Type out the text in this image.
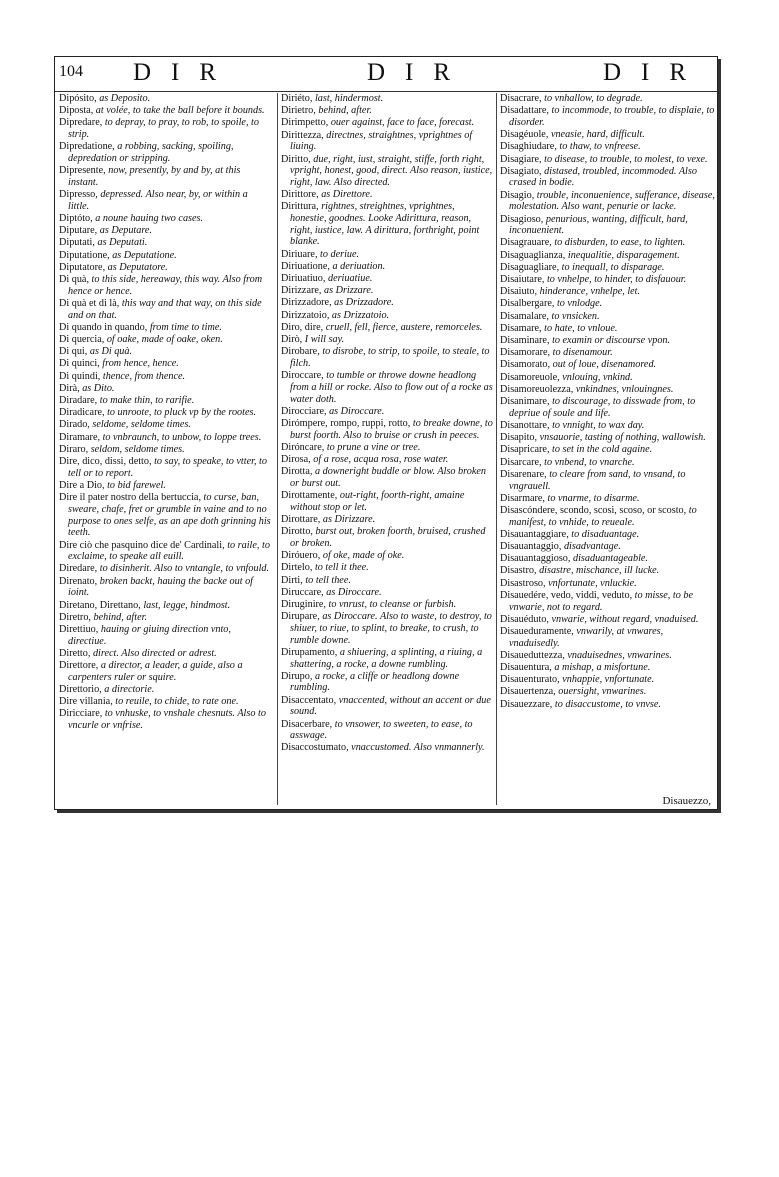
104 DIR	DIR	DIR
Dipósito, as Deposito.
Diposta, at volée, to take the ball before it bounds.
Dipredare, to depray, to pray, to rob, to spoile, to strip.
Dipredatione, a robbing, sacking, spoiling, depredation or stripping.
Dipresente, now, presently, by and by, at this instant.
Dipresso, depressed. Also near, by, or within a little.
Diptóto, a noune hauing two cases.
Diputare, as Deputare.
Diputati, as Deputati.
Diputatione, as Deputatione.
Diputatore, as Deputatore.
Di quà, to this side, hereaway, this way. Also from hence or hence.
Di quà et di là, this way and that way, on this side and on that.
Di quando in quando, from time to time.
Di quercia, of oake, made of oake, oken.
Di qui, as Di quà.
Di quinci, from hence, hence.
Di quindi, thence, from thence.
Dirà, as Dito.
Diradare, to make thin, to rarifie.
Diradicare, to unroote, to pluck vp by the rootes.
Dirado, seldome, seldome times.
Diramare, to vnbraunch, to unbow, to loppe trees.
Diraro, seldom, seldome times.
Dire, dico, dissi, detto, to say, to speake, to vtter, to tell or to report.
Dire a Dio, to bid farewel.
Dire il pater nostro della bertuccia, to curse, ban, sweare, chafe, fret or grumble in vaine and to no purpose to ones selfe, as an ape doth grinning his teeth.
Dire ciò che pasquino dice de' Cardinali, to raile, to exclaime, to speake all euill.
Diredare, to disinherit. Also to vntangle, to vnfould.
Direnato, broken backt, hauing the backe out of ioint.
Diretano, Direttano, last, legge, hindmost.
Diretro, behind, after.
Direttiuo, hauing or giuing direction vnto, directiue.
Diretto, direct. Also directed or adrest.
Direttore, a director, a leader, a guide, also a carpenters ruler or squire.
Direttorio, a directorie.
Dire villania, to reuile, to chide, to rate one.
Diricciare, to vnhuske, to vnshale chesnuts. Also to vncurle or vnfrise.
Diriéto, last, hindermost.
Dirietro, behind, after.
Dirimpetto, ouer against, face to face, forecast.
Dirittezza, directnes, straightnes, vprightnes of liuing.
Diritto, due, right, iust, straight, stiffe, forth right, vpright, honest, good, direct. Also reason, iustice, right, law. Also directed.
Dirittore, as Direttore.
Dirittura, rightnes, streightnes, vprightnes, honestie, goodnes. Looke Adirittura, reason, right, iustice, law. A dirittura, forthright, point blanke.
Diriuare, to deriue.
Diriuatione, a deriuation.
Diriuatiuo, deriuatiue.
Dirizzare, as Drizzare.
Dirizzadore, as Drizzadore.
Dirizzatoio, as Drizzatoio.
Diro, dire, cruell, fell, fierce, austere, remorceles.
Dirò, I will say.
Dirobare, to disrobe, to strip, to spoile, to steale, to filch.
Diroccare, to tumble or throwe downe headlong from a hill or rocke. Also to flow out of a rocke as water doth.
Dirocciare, as Diroccare.
Dirómpere, rompo, ruppi, rotto, to breake downe, to burst foorth. Also to bruise or crush in peeces.
Diróncare, to prune a vine or tree.
Dirosa, of a rose, acqua rosa, rose water.
Dirotta, a downeright buddle or blow. Also broken or burst out.
Dirottamente, out-right, foorth-right, amaine without stop or let.
Dirottare, as Dirizzare.
Dirotto, burst out, broken foorth, bruised, crushed or broken.
Diróuero, of oke, made of oke.
Dirtelo, to tell it thee.
Dirti, to tell thee.
Diruccare, as Diroccare.
Diruginire, to vnrust, to cleanse or furbish.
Dirupare, as Diroccare. Also to waste, to destroy, to shiuer, to riue, to splint, to breake, to crush, to rumble downe.
Dirupamento, a shiuering, a splinting, a riuing, a shattering, a rocke, a downe rumbling.
Dirupo, a rocke, a cliffe or headlong downe rumbling.
Disaccentato, vnaccented, without an accent or due sound.
Disacerbare, to vnsower, to sweeten, to ease, to asswage.
Disaccostumato, vnaccustomed. Also vnmannerly.
Disacrare, to vnhallow, to degrade.
Disadattare, to incommode, to trouble, to displaie, to disorder.
Disagéuole, vneasie, hard, difficult.
Disaghiudare, to thaw, to vnfreese.
Disagiare, to disease, to trouble, to molest, to vexe.
Disagiato, distased, troubled, incommoded. Also crased in bodie.
Disagio, trouble, inconuenience, sufferance, disease, molestation. Also want, penurie or lacke.
Disagioso, penurious, wanting, difficult, hard, inconuenient.
Disagrauare, to disburden, to ease, to lighten.
Disaguaglianza, inequalitie, disparagement.
Disaguagliare, to inequall, to disparage.
Disaiutare, to vnhelpe, to hinder, to disfauour.
Disaiuto, hinderance, vnhelpe, let.
Disalbergare, to vnlodge.
Disamalare, to vnsicken.
Disamare, to hate, to vnloue.
Disaminare, to examin or discourse vpon.
Disamorare, to disenamour.
Disamorato, out of loue, disenamored.
Disamoreuole, vnlouing, vnkind.
Disamoreuolezza, vnkindnes, vnlouingnes.
Disanimare, to discourage, to disswade from, to depriue of soule and life.
Disanottare, to vnnight, to wax day.
Disapito, vnsauorie, tasting of nothing, wallowish.
Disapricare, to set in the cold againe.
Disarcare, to vnbend, to vnarche.
Disarenare, to cleare from sand, to vnsand, to vngrauell.
Disarmare, to vnarme, to disarme.
Disascóndere, scondo, scosi, scoso, or scosto, to manifest, to vnhide, to reueale.
Disauantaggiare, to disaduantage.
Disauantaggio, disadvantage.
Disauantaggioso, disaduantageable.
Disastro, disastre, mischance, ill lucke.
Disastroso, vnfortunate, vnluckie.
Disauedére, vedo, viddi, veduto, to misse, to be vnwarie, not to regard.
Disauéduto, vnwarie, without regard, vnaduised.
Disaueduramente, vnwarily, at vnwares, vnaduisedly.
Disaueduttezza, vnaduisednes, vnwarines.
Disauentura, a mishap, a misfortune.
Disauenturato, vnhappie, vnfortunate.
Disauertenza, ouersight, vnwarines.
Disauezzare, to disaccustome, to vnvse.
Disauezzo,
